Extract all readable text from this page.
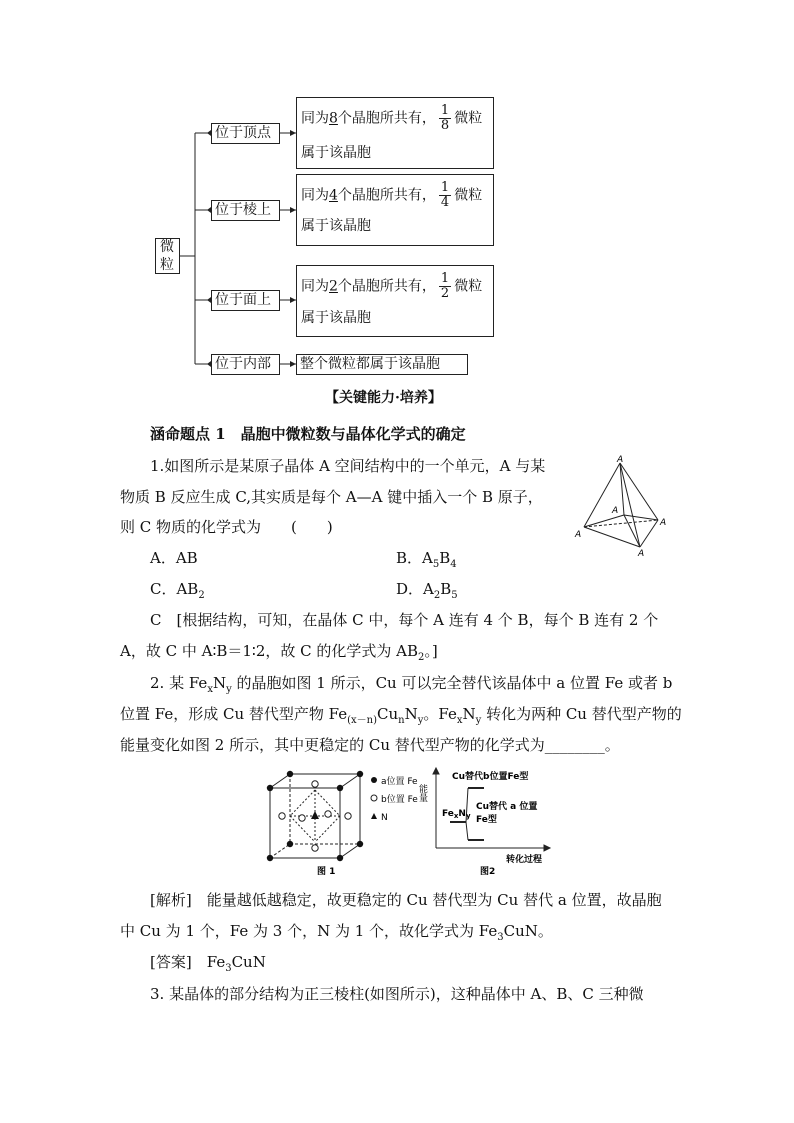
微
粒
位于顶点
同为8个晶胞所共有， $\frac{1}{8}$ 微粒
属于该晶胞
位于棱上
同为4个晶胞所共有， $\frac{1}{4}$ 微粒
属于该晶胞
位于面上
同为2个晶胞所共有， $\frac{1}{2}$ 微粒
属于该晶胞
位于内部 整个微粒都属于该晶胞
【关键能力·培养】
涵命题点 1　晶胞中微粒数与晶体化学式的确定
1.如图所示是某原子晶体 A 空间结构中的一个单元，A 与某
物质 B 反应生成 C,其实质是每个 A—A 键中插入一个 B 原子，
则 C 物质的化学式为　　(　　)
A．AB	B．$A_5B_4$
C．$AB_2$	D．$A_2B_5$
A
A
A
A
A
C　[根据结构，可知，在晶体 C 中，每个 A 连有 4 个 B，每个 B 连有 2 个
A，故 C 中 A∶B＝1∶2，故 C 的化学式为 $AB_2$。]
2. 某 $Fe_xN_y$ 的晶胞如图 1 所示，Cu 可以完全替代该晶体中 a 位置 Fe 或者 b
位置 Fe，形成 Cu 替代型产物 $Fe_{(x-n)}Cu_nN_y$。$Fe_xN_y$ 转化为两种 Cu 替代型产物的
能量变化如图 2 所示，其中更稳定的 Cu 替代型产物的化学式为________。
a位置 Fe
b位置 Fe
N
图 1
能量
Cu替代b位置Fe型
Cu替代 a 位置
Fe型
$Fe_xN_y$
转化过程
图2
[解析]　 能量越低越稳定，故更稳定的 Cu 替代型为 Cu 替代 a 位置，故晶胞
中 Cu 为 1 个，Fe 为 3 个，N 为 1 个，故化学式为 $Fe_3CuN$。
[答案]　 $Fe_3CuN$
3. 某晶体的部分结构为正三棱柱(如图所示)，这种晶体中 A、B、C 三种微
